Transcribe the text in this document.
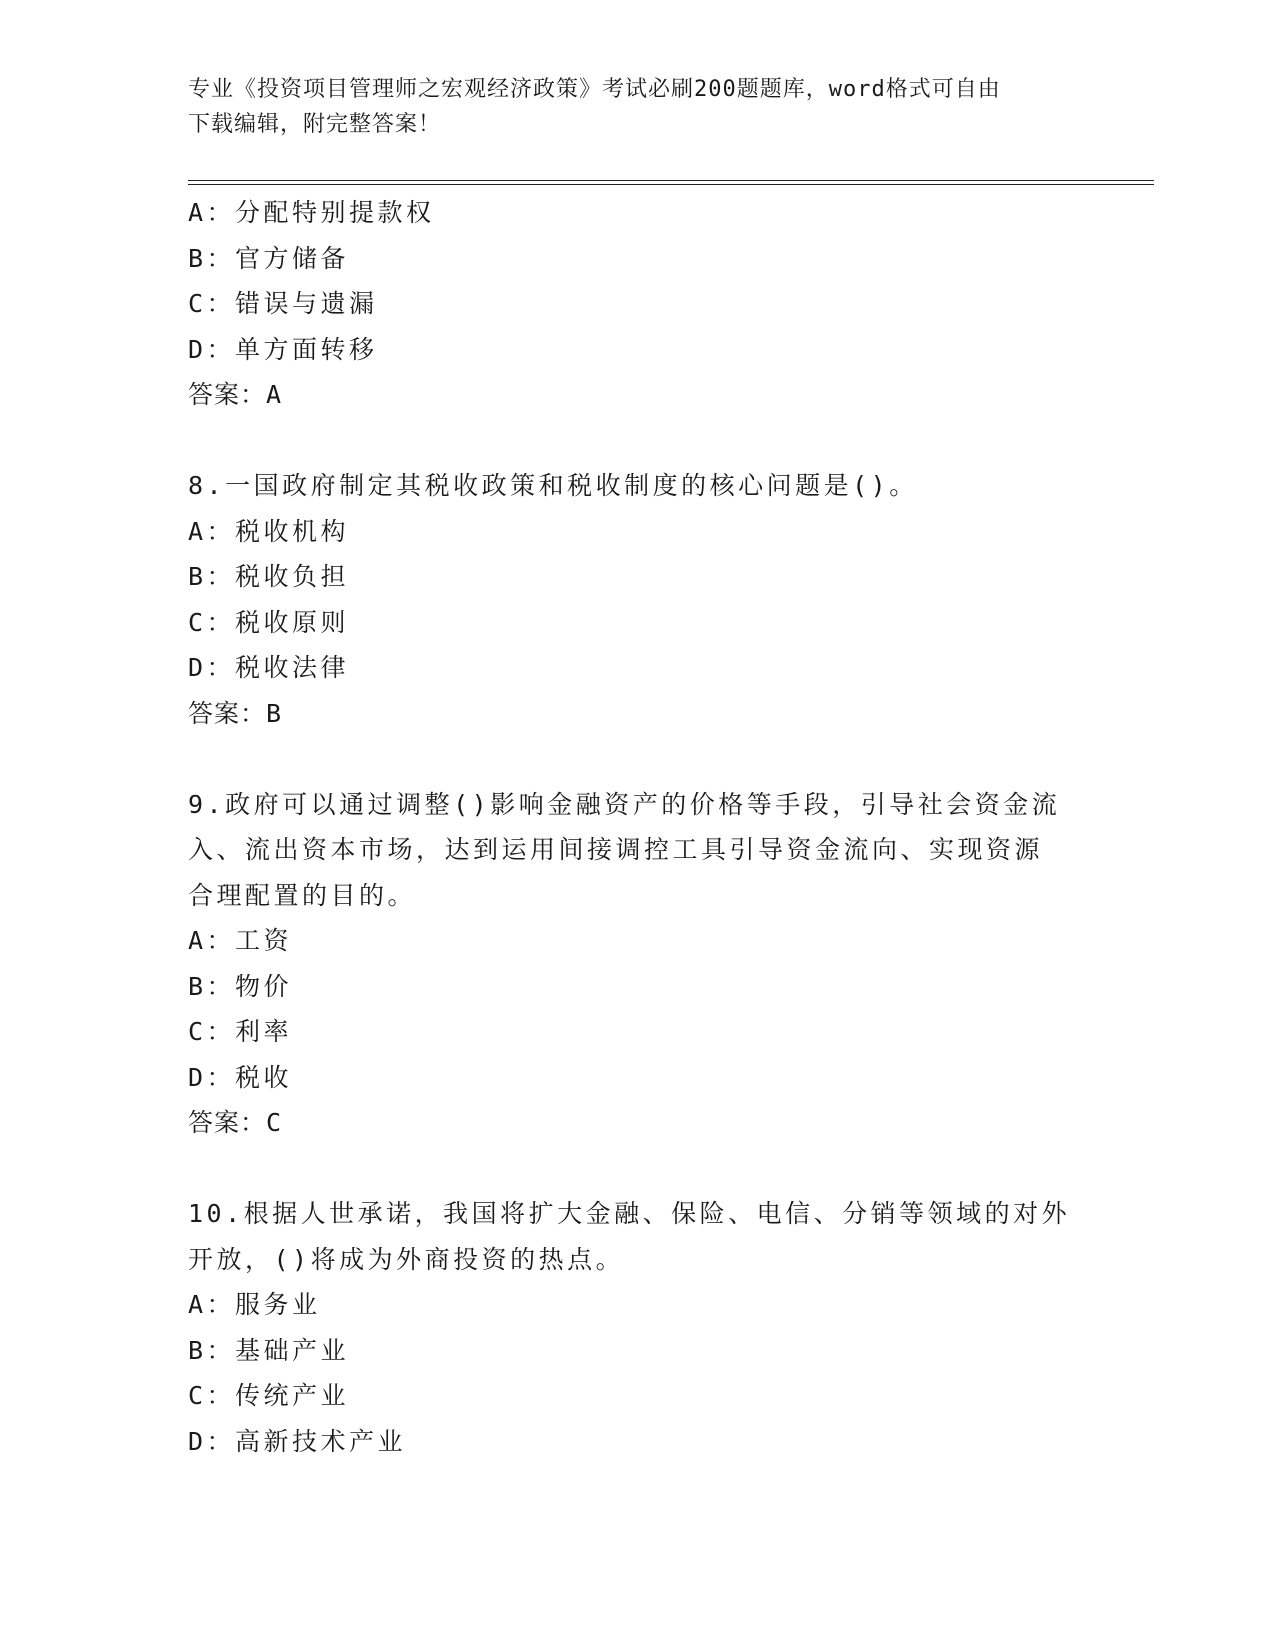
专业《投资项目管理师之宏观经济政策》考试必刷200题题库，word格式可自由
下载编辑，附完整答案！
A：分配特别提款权
B：官方储备
C：错误与遗漏
D：单方面转移
答案：A
8.一国政府制定其税收政策和税收制度的核心问题是()。
A：税收机构
B：税收负担
C：税收原则
D：税收法律
答案：B
9.政府可以通过调整()影响金融资产的价格等手段，引导社会资金流
入、流出资本市场，达到运用间接调控工具引导资金流向、实现资源
合理配置的目的。
A：工资
B：物价
C：利率
D：税收
答案：C
10.根据人世承诺，我国将扩大金融、保险、电信、分销等领域的对外
开放，()将成为外商投资的热点。
A：服务业
B：基础产业
C：传统产业
D：高新技术产业
